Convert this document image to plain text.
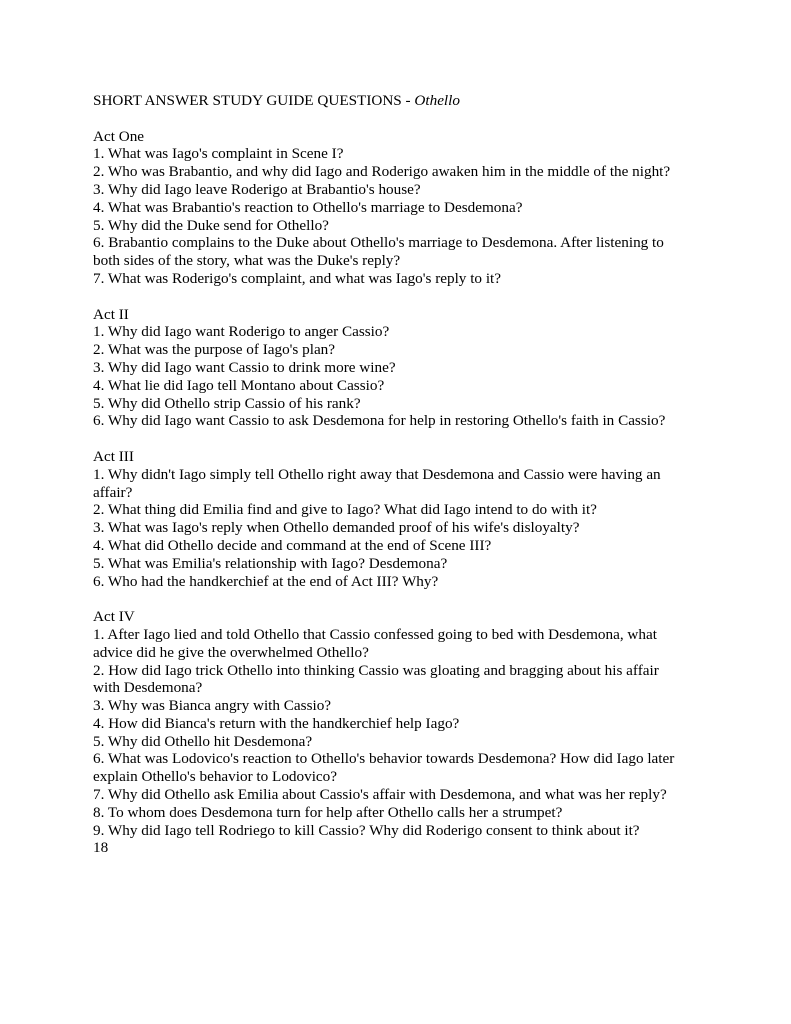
SHORT ANSWER STUDY GUIDE QUESTIONS - Othello

Act One

1. What was Iago's complaint in Scene I?

2. Who was Brabantio, and why did Iago and Roderigo awaken him in the middle of the night?

3. Why did Iago leave Roderigo at Brabantio's house?

4. What was Brabantio's reaction to Othello's marriage to Desdemona?

5. Why did the Duke send for Othello?

6. Brabantio complains to the Duke about Othello's marriage to Desdemona. After listening to
both sides of the story, what was the Duke's reply?

7. What was Roderigo's complaint, and what was Iago's reply to it?

Act II

1. Why did Iago want Roderigo to anger Cassio?

2. What was the purpose of Iago's plan?

3. Why did Iago want Cassio to drink more wine?

4. What lie did Iago tell Montano about Cassio?

5. Why did Othello strip Cassio of his rank?

6. Why did Iago want Cassio to ask Desdemona for help in restoring Othello's faith in Cassio?

Act III

1. Why didn't Iago simply tell Othello right away that Desdemona and Cassio were having an
affair?

2. What thing did Emilia find and give to Iago? What did Iago intend to do with it?

3. What was Iago's reply when Othello demanded proof of his wife's disloyalty?

4. What did Othello decide and command at the end of Scene III?

5. What was Emilia's relationship with Iago? Desdemona?

6. Who had the handkerchief at the end of Act III? Why?

Act IV

1. After Iago lied and told Othello that Cassio confessed going to bed with Desdemona, what
advice did he give the overwhelmed Othello?

2. How did Iago trick Othello into thinking Cassio was gloating and bragging about his affair
with Desdemona?

3. Why was Bianca angry with Cassio?

4. How did Bianca's return with the handkerchief help Iago?

5. Why did Othello hit Desdemona?

6. What was Lodovico's reaction to Othello's behavior towards Desdemona? How did Iago later
explain Othello's behavior to Lodovico?

7. Why did Othello ask Emilia about Cassio's affair with Desdemona, and what was her reply?

8. To whom does Desdemona turn for help after Othello calls her a strumpet?

9. Why did Iago tell Rodriego to kill Cassio? Why did Roderigo consent to think about it?

18
